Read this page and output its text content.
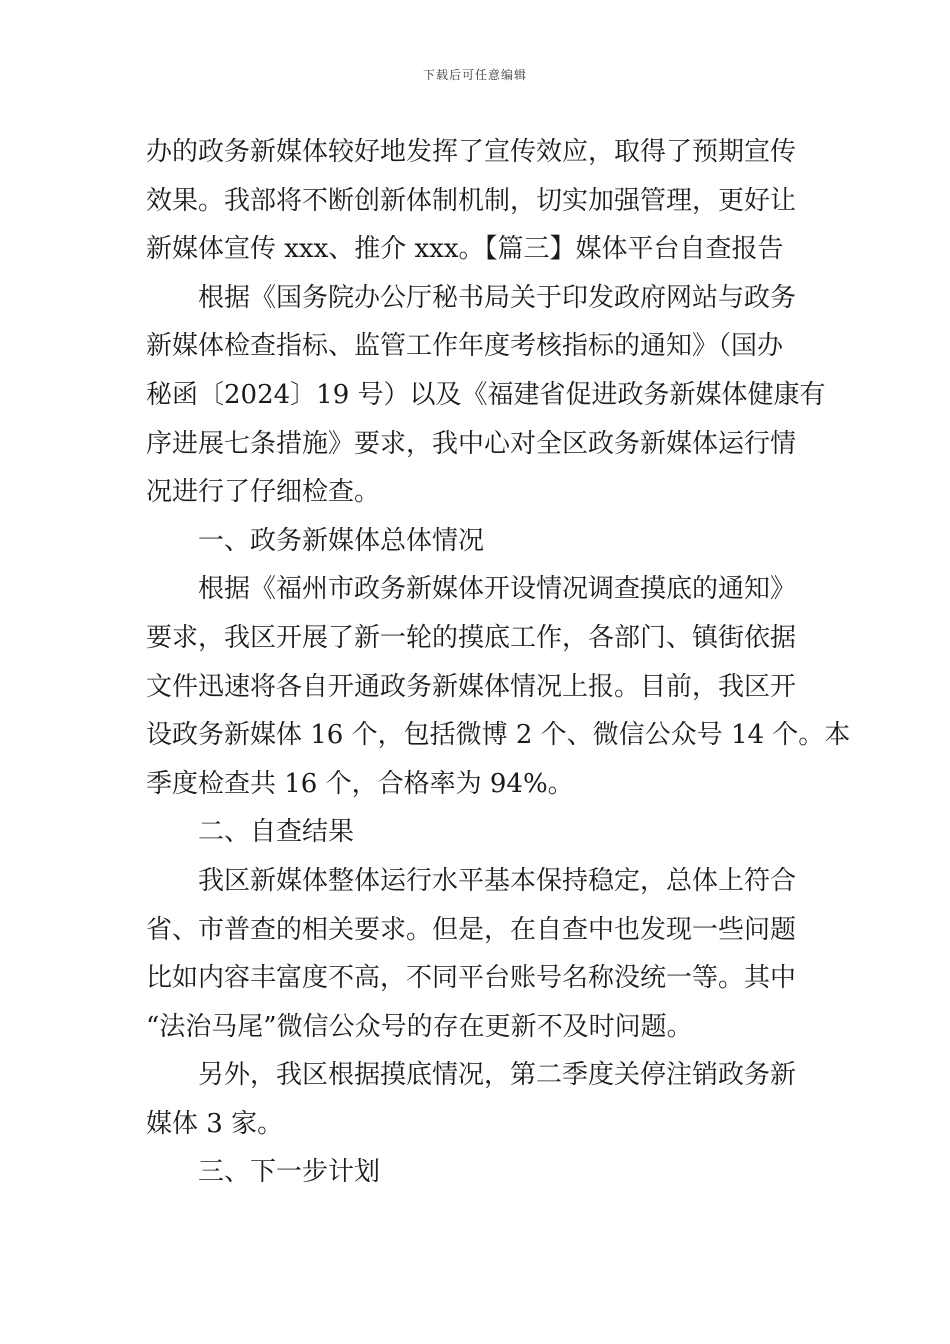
下载后可任意编辑
办的政务新媒体较好地发挥了宣传效应，取得了预期宣传
效果。我部将不断创新体制机制，切实加强管理，更好让
新媒体宣传 xxx、推介 xxx。【篇三】媒体平台自查报告
根据《国务院办公厅秘书局关于印发政府网站与政务
新媒体检查指标、监管工作年度考核指标的通知》（国办
秘函〔2024〕19 号）以及《福建省促进政务新媒体健康有
序进展七条措施》要求，我中心对全区政务新媒体运行情
况进行了仔细检查。
一、政务新媒体总体情况
根据《福州市政务新媒体开设情况调查摸底的通知》
要求，我区开展了新一轮的摸底工作，各部门、镇街依据
文件迅速将各自开通政务新媒体情况上报。目前，我区开
设政务新媒体 16 个，包括微博 2 个、微信公众号 14 个。本
季度检查共 16 个，合格率为 94%。
二、自查结果
我区新媒体整体运行水平基本保持稳定，总体上符合
省、市普查的相关要求。但是，在自查中也发现一些问题
比如内容丰富度不高，不同平台账号名称没统一等。其中
“法治马尾”微信公众号的存在更新不及时问题。
另外，我区根据摸底情况，第二季度关停注销政务新
媒体 3 家。
三、下一步计划
